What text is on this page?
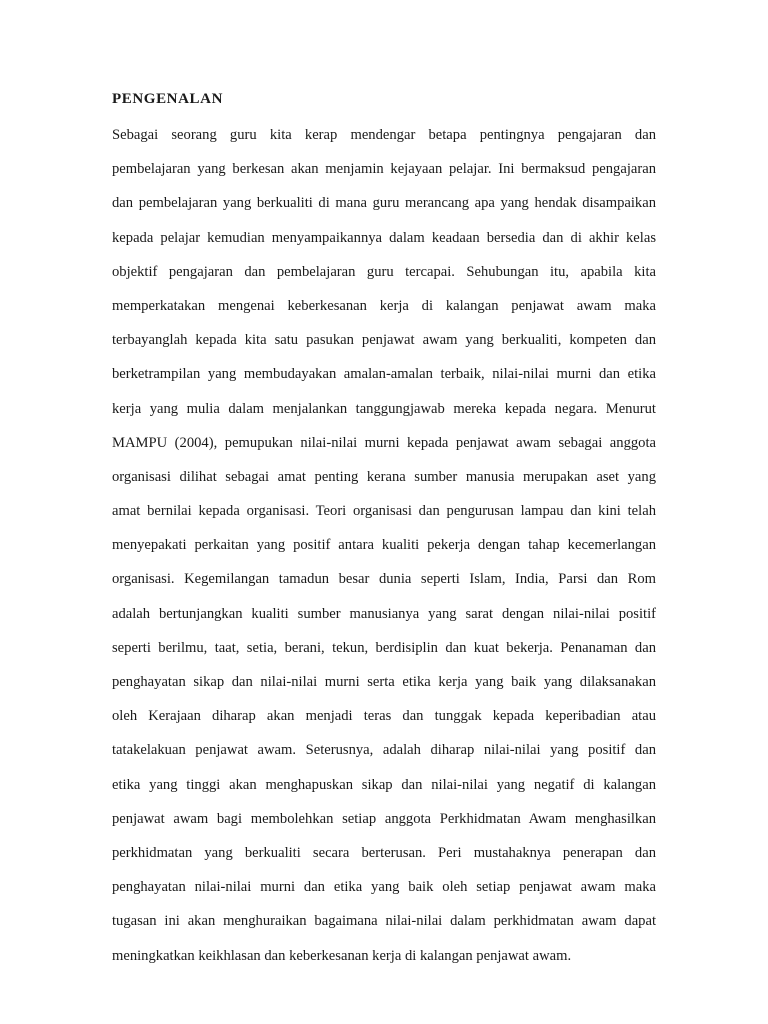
PENGENALAN
Sebagai seorang guru kita kerap mendengar betapa pentingnya pengajaran dan
pembelajaran yang berkesan akan menjamin kejayaan pelajar. Ini bermaksud pengajaran
dan pembelajaran yang berkualiti di mana guru merancang apa yang hendak disampaikan
kepada pelajar kemudian menyampaikannya dalam keadaan bersedia dan di akhir kelas
objektif pengajaran dan pembelajaran guru tercapai. Sehubungan itu, apabila kita
memperkatakan mengenai keberkesanan kerja di kalangan penjawat awam maka
terbayanglah kepada kita satu pasukan penjawat awam yang berkualiti, kompeten dan
berketrampilan yang membudayakan amalan-amalan terbaik, nilai-nilai murni dan etika
kerja yang mulia dalam menjalankan tanggungjawab mereka kepada negara. Menurut
MAMPU (2004), pemupukan nilai-nilai murni kepada penjawat awam sebagai anggota
organisasi dilihat sebagai amat penting kerana sumber manusia merupakan aset yang
amat bernilai kepada organisasi. Teori organisasi dan pengurusan lampau dan kini telah
menyepakati perkaitan yang positif antara kualiti pekerja dengan tahap kecemerlangan
organisasi. Kegemilangan tamadun besar dunia seperti Islam, India, Parsi dan Rom
adalah bertunjangkan kualiti sumber manusianya yang sarat dengan nilai-nilai positif
seperti berilmu, taat, setia, berani, tekun, berdisiplin dan kuat bekerja. Penanaman dan
penghayatan sikap dan nilai-nilai murni serta etika kerja yang baik yang dilaksanakan
oleh Kerajaan diharap akan menjadi teras dan tunggak kepada keperibadian atau
tatakelakuan penjawat awam. Seterusnya, adalah diharap nilai-nilai yang positif dan
etika yang tinggi akan menghapuskan sikap dan nilai-nilai yang negatif di kalangan
penjawat awam bagi membolehkan setiap anggota Perkhidmatan Awam menghasilkan
perkhidmatan yang berkualiti secara berterusan. Peri mustahaknya penerapan dan
penghayatan nilai-nilai murni dan etika yang baik oleh setiap penjawat awam maka
tugasan ini akan menghuraikan bagaimana nilai-nilai dalam perkhidmatan awam dapat
meningkatkan keikhlasan dan keberkesanan kerja di kalangan penjawat awam.
